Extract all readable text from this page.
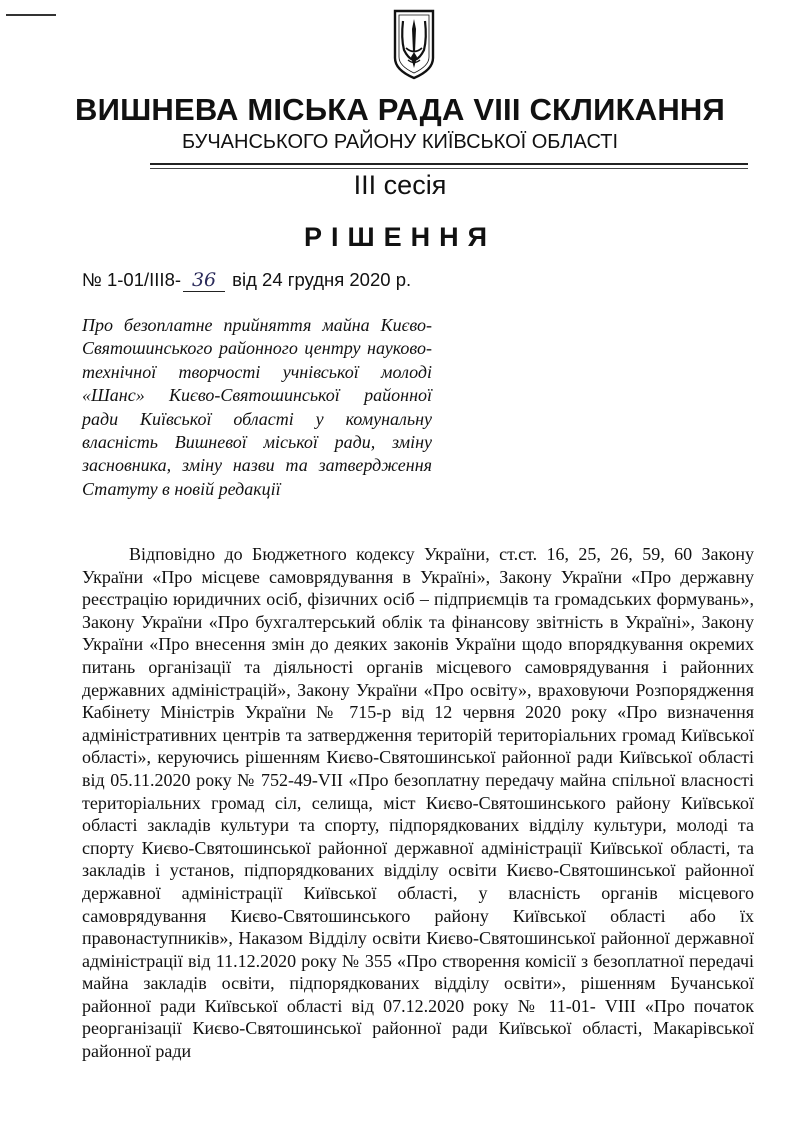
ВИШНЕВА МІСЬКА РАДА VIII СКЛИКАННЯ
БУЧАНСЬКОГО РАЙОНУ КИЇВСЬКОЇ ОБЛАСТІ
ІІІ сесія
РІШЕННЯ
№ 1-01/ІІІ8- 36 від 24 грудня 2020 р.
Про безоплатне прийняття майна Києво-Святошинського районного центру науково-технічної творчості учнівської молоді «Шанс» Києво-Святошинської районної ради Київської області у комунальну власність Вишневої міської ради, зміну засновника, зміну назви та затвердження Статуту в новій редакції

Відповідно до Бюджетного кодексу України, ст.ст. 16, 25, 26, 59, 60 Закону України «Про місцеве самоврядування в Україні», Закону України «Про державну реєстрацію юридичних осіб, фізичних осіб – підприємців та громадських формувань», Закону України «Про бухгалтерський облік та фінансову звітність в Україні», Закону України «Про внесення змін до деяких законів України щодо впорядкування окремих питань організації та діяльності органів місцевого самоврядування і районних державних адміністрацій», Закону України «Про освіту», враховуючи Розпорядження Кабінету Міністрів України № 715-р від 12 червня 2020 року «Про визначення адміністративних центрів та затвердження територій територіальних громад Київської області», керуючись рішенням Києво-Святошинської районної ради Київської області від 05.11.2020 року № 752-49-VII «Про безоплатну передачу майна спільної власності територіальних громад сіл, селища, міст Києво-Святошинського району Київської області закладів культури та спорту, підпорядкованих відділу культури, молоді та спорту Києво-Святошинської районної державної адміністрації Київської області, та закладів і установ, підпорядкованих відділу освіти Києво-Святошинської районної державної адміністрації Київської області, у власність органів місцевого самоврядування Києво-Святошинського району Київської області або їх правонаступників», Наказом Відділу освіти Києво-Святошинської районної державної адміністрації від 11.12.2020 року № 355 «Про створення комісії з безоплатної передачі майна закладів освіти, підпорядкованих відділу освіти», рішенням Бучанської районної ради Київської області від 07.12.2020 року № 11-01- VIII «Про початок реорганізації Києво-Святошинської районної ради Київської області, Макарівської районної ради
